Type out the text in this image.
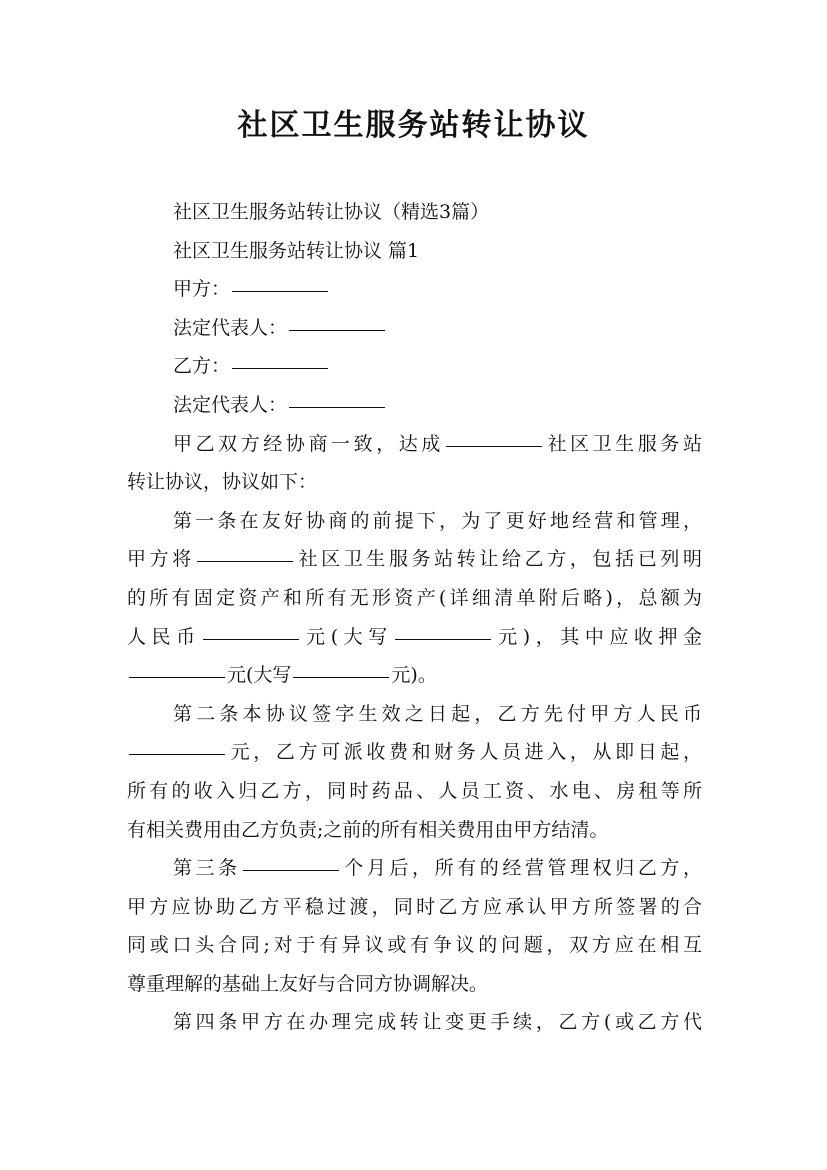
社区卫生服务站转让协议

社区卫生服务站转让协议（精选3篇）

社区卫生服务站转让协议 篇1

甲方：

法定代表人：

乙方：

法定代表人：

甲乙双方经协商一致，达成	社区卫生服务站

转让协议，协议如下：

第一条在友好协商的前提下，为了更好地经营和管理，

甲方将	社区卫生服务站转让给乙方，包括已列明

的所有固定资产和所有无形资产(详细清单附后略)，总额为

人民币	元(大写	元)，其中应收押金

元(大写	元)。

第二条本协议签字生效之日起，乙方先付甲方人民币

元，乙方可派收费和财务人员进入，从即日起，

所有的收入归乙方，同时药品、人员工资、水电、房租等所

有相关费用由乙方负责;之前的所有相关费用由甲方结清。

第三条	个月后，所有的经营管理权归乙方，

甲方应协助乙方平稳过渡，同时乙方应承认甲方所签署的合

同或口头合同;对于有异议或有争议的问题，双方应在相互

尊重理解的基础上友好与合同方协调解决。

第四条甲方在办理完成转让变更手续，乙方(或乙方代
